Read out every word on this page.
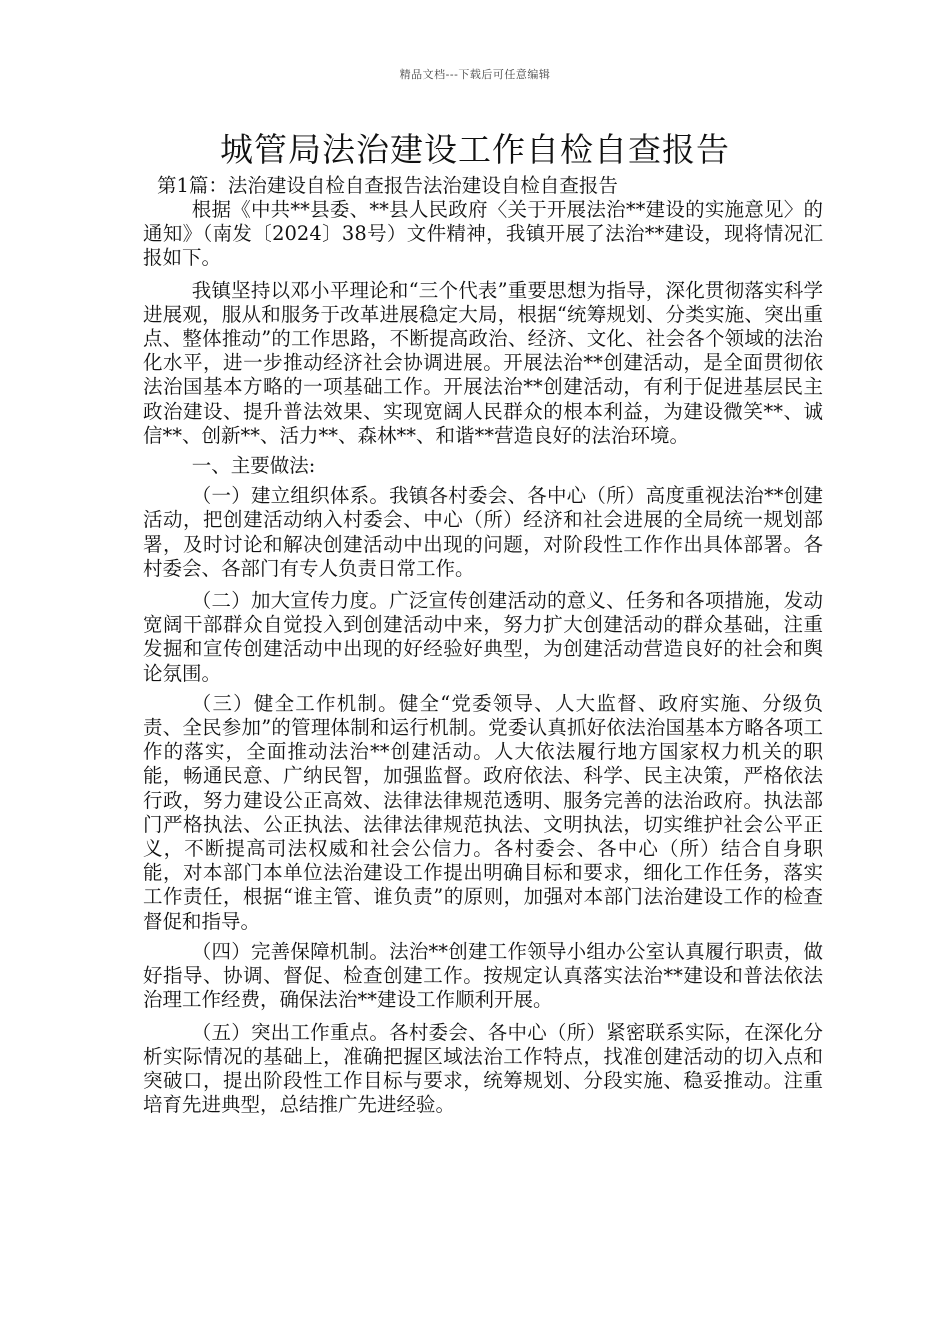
精品文档---下载后可任意编辑
城管局法治建设工作自检自查报告

第1篇：法治建设自检自查报告法治建设自检自查报告

根据《中共**县委、**县人民政府〈关于开展法治**建设的实施意见〉的通知》（南发〔2024〕38号）文件精神，我镇开展了法治**建设，现将情况汇报如下。

我镇坚持以邓小平理论和“三个代表”重要思想为指导，深化贯彻落实科学进展观，服从和服务于改革进展稳定大局，根据“统筹规划、分类实施、突出重点、整体推动”的工作思路，不断提高政治、经济、文化、社会各个领域的法治化水平，进一步推动经济社会协调进展。开展法治**创建活动，是全面贯彻依法治国基本方略的一项基础工作。开展法治**创建活动，有利于促进基层民主政治建设、提升普法效果、实现宽阔人民群众的根本利益，为建设微笑**、诚信**、创新**、活力**、森林**、和谐**营造良好的法治环境。

一、主要做法:

（一）建立组织体系。我镇各村委会、各中心（所）高度重视法治**创建活动，把创建活动纳入村委会、中心（所）经济和社会进展的全局统一规划部署，及时讨论和解决创建活动中出现的问题，对阶段性工作作出具体部署。各村委会、各部门有专人负责日常工作。

（二）加大宣传力度。广泛宣传创建活动的意义、任务和各项措施，发动宽阔干部群众自觉投入到创建活动中来，努力扩大创建活动的群众基础，注重发掘和宣传创建活动中出现的好经验好典型，为创建活动营造良好的社会和舆论氛围。

（三）健全工作机制。健全“党委领导、人大监督、政府实施、分级负责、全民参加”的管理体制和运行机制。党委认真抓好依法治国基本方略各项工作的落实，全面推动法治**创建活动。人大依法履行地方国家权力机关的职能，畅通民意、广纳民智，加强监督。政府依法、科学、民主决策，严格依法行政，努力建设公正高效、法律法律规范透明、服务完善的法治政府。执法部门严格执法、公正执法、法律法律规范执法、文明执法，切实维护社会公平正义，不断提高司法权威和社会公信力。各村委会、各中心（所）结合自身职能，对本部门本单位法治建设工作提出明确目标和要求，细化工作任务，落实工作责任，根据“谁主管、谁负责”的原则，加强对本部门法治建设工作的检查督促和指导。

（四）完善保障机制。法治**创建工作领导小组办公室认真履行职责，做好指导、协调、督促、检查创建工作。按规定认真落实法治**建设和普法依法治理工作经费，确保法治**建设工作顺利开展。

（五）突出工作重点。各村委会、各中心（所）紧密联系实际，在深化分析实际情况的基础上，准确把握区域法治工作特点，找准创建活动的切入点和突破口，提出阶段性工作目标与要求，统筹规划、分段实施、稳妥推动。注重培育先进典型，总结推广先进经验。
